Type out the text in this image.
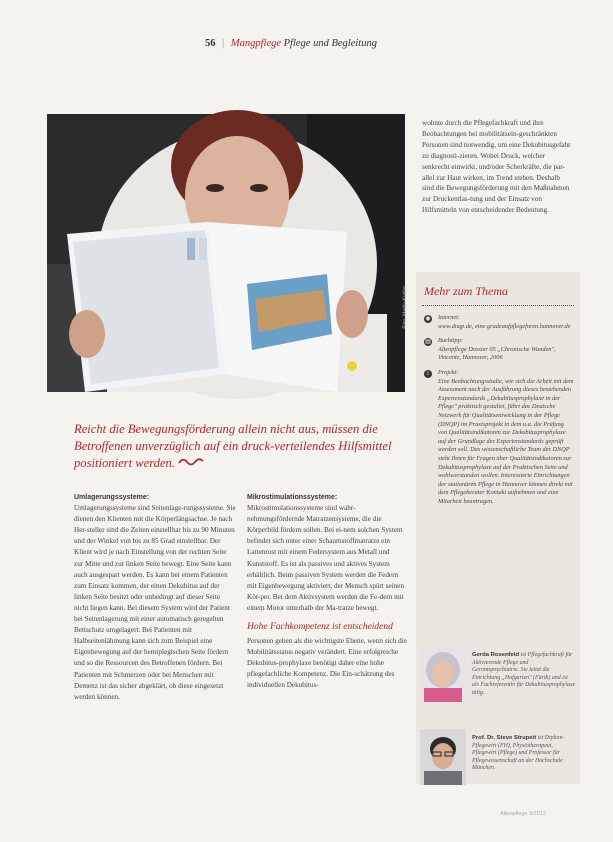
56 | Mangpflege Pflege und Begleitung
Foto: Martin Kuhlas

wohnte durch die Pflegefachkraft und ihre Beobachtungen bei mobilitätsein-geschränkten Personen sind notwendig, um eine Dekubitusgefahr zu diagnosti-zieren. Wobei Druck, welcher senkrecht einwirkt, und/oder Scherkräfte, die par-allel zur Haut wirken, im Trend stehen. Deshalb sind die Bewegungsförderung mit den Maßnahmen zur Druckentlas-tung und der Einsatz von Hilfsmitteln von entscheidender Bedeutung.

Mehr zum Thema
◉ Internet:
www.dnqp.de, eine gradeaufpflegeforen.hannover.de
▤ Buchtipp:
Altenpflege Dossier 05 „Chronische Wunden", Vincentz, Hannover, 2006
i	Projekt:
Eine Beobachtungsstudie, wie sich die Arbeit mit dem Assessment nach der Ausführung dieses bestehenden Expertenstandards „Dekubitusprophylaxe in der Pflege" praktisch gestaltet, führt das Deutsche Netzwerk für Qualitätsentwicklung in der Pflege (DNQP) im Praxisprojekt in dem u.a. die Prüfung von Qualitätsindikatoren zur Dekubitusprophylaxe auf der Grundlage des Expertenstandards geprüft werden soll. Das wissenschaftliche Team des DNQP steht Ihnen für Fragen über Qualitätsindikatoren zur Dekubitusprophylaxe auf der Praktischen Seite und wohlwerstanden wollen. Interessierte Einrichtungen der stationären Pflege in Hannover können direkt mit dem Pflegeberater Kontakt aufnehmen und eine Mitarbeit beantragen.
Gerda Rosenfeld ist Pflegefachkraft für Aktivierende Pflege und Gerontopsychiatrie. Sie leitet die Einrichtung „Hofgarten" (Fürth) und ist als Fachreferentin für Dekubitusprophylaxe tätig.
Prof. Dr. Steve Strupeit ist Diplom-Pflegewirt (FH), Physiotherapeut, Pflegewirt (Pflege) und Professor für Pflegewissenschaft an der Hochschule München.
Reicht die Bewegungsförderung allein nicht aus, müssen die Betroffenen unverzüglich auf ein druck-verteilendes Hilfsmittel positioniert werden.
Umlagerungssysteme:

Umlagerungssysteme sind Seitenlage-rungssysteme. Sie dienen den Klienten mit die Körperlängsachse. Je nach Her-steller sind die Zeiten einstellbar bis zu 90 Minuten und der Winkel von bis zu 85 Grad einstellbar. Der Klient wird je nach Einstellung von der rechten Seite zur Mitte und zur linken Seite bewegt. Eine Seite kann auch ausgespart werden. Es kann bei einem Patienten zum Einsatz kommen, der einen Dekubitus auf der linken Seite besitzt oder unbedingt auf dieser Seite nicht liegen kann. Bei diesem System wird der Patient bei Seitenlagerung mit einer automatisch geregelten Bettschutz umgelagert. Bei Patienten mit Halbseitenlähmung kann sich zum Beispiel eine Eigenbewegung auf der hemiplegischen Seite fördern und so die Ressourcen des Betroffenen fördern. Bei Patienten mit Schmerzen oder bei Menschen mit Demenz ist das sicher abgeklärt, ob diese eingesetzt werden können.

Mikrostimulationssysteme:

Mikrostimulationssysteme sind wahr-nehmungsfördernde Matratzensysteme, die die Körperbild fördern sollen. Bei ei-nem solchen System befindet sich unter einer Schaumstoffmatratze ein Lattenrost mit einem Federsystem aus Metall und Kunststoff. Es ist als passives und aktives System erhältlich. Beim passiven System werden die Federn mit Eigenbewegung aktiviert, der Mensch spürt seinen Kör-per. Bei dem Aktivsystem werden die Fe-dern mit einem Motor unterhalb der Ma-tratze bewegt.

Hohe Fachkompetenz ist entscheidend

Personen gehen als die wichtigste Ebene, wenn sich die Mobilitätsstatus negativ verändert. Eine erfolgreiche Dekubitus-prophylaxe benötigt daher eine hohe pflegefachliche Kompetenz. Die Ein-schätzung des individuellen Dekubitus-

Altenpflege 9/2012
